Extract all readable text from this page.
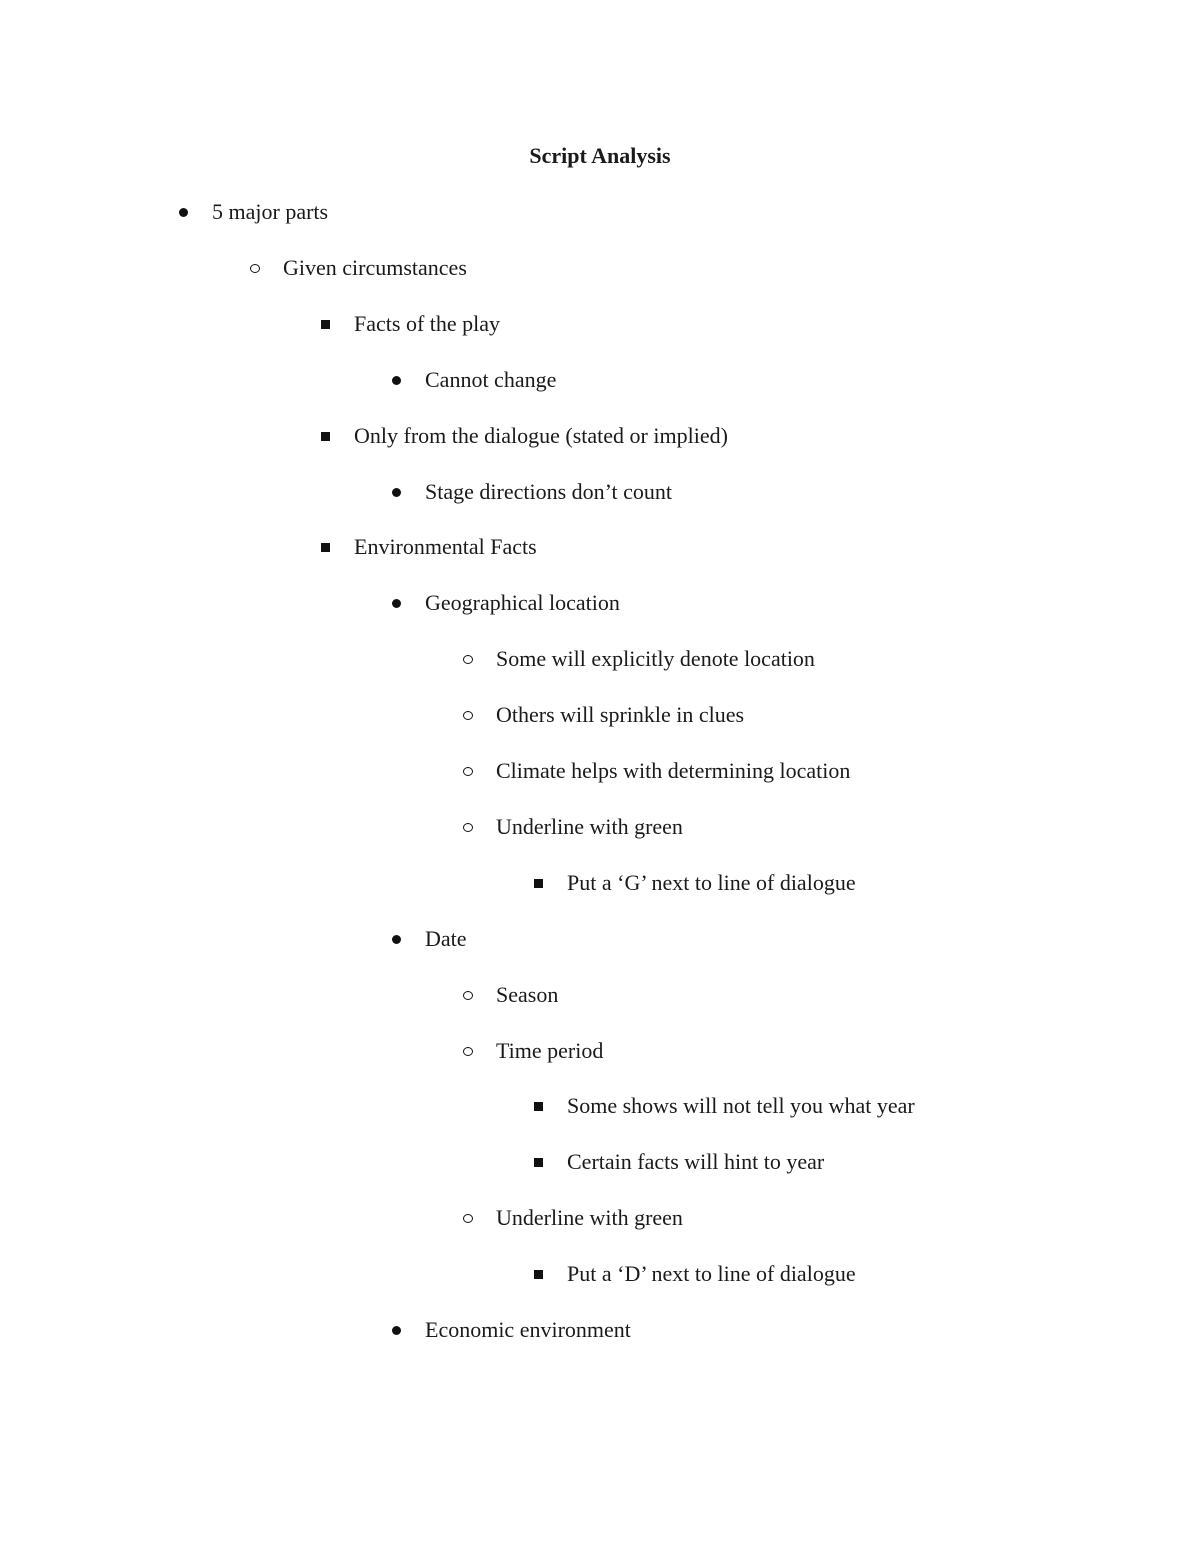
Script Analysis
5 major parts
Given circumstances
Facts of the play
Cannot change
Only from the dialogue (stated or implied)
Stage directions don’t count
Environmental Facts
Geographical location
Some will explicitly denote location
Others will sprinkle in clues
Climate helps with determining location
Underline with green
Put a ‘G’ next to line of dialogue
Date
Season
Time period
Some shows will not tell you what year
Certain facts will hint to year
Underline with green
Put a ‘D’ next to line of dialogue
Economic environment
